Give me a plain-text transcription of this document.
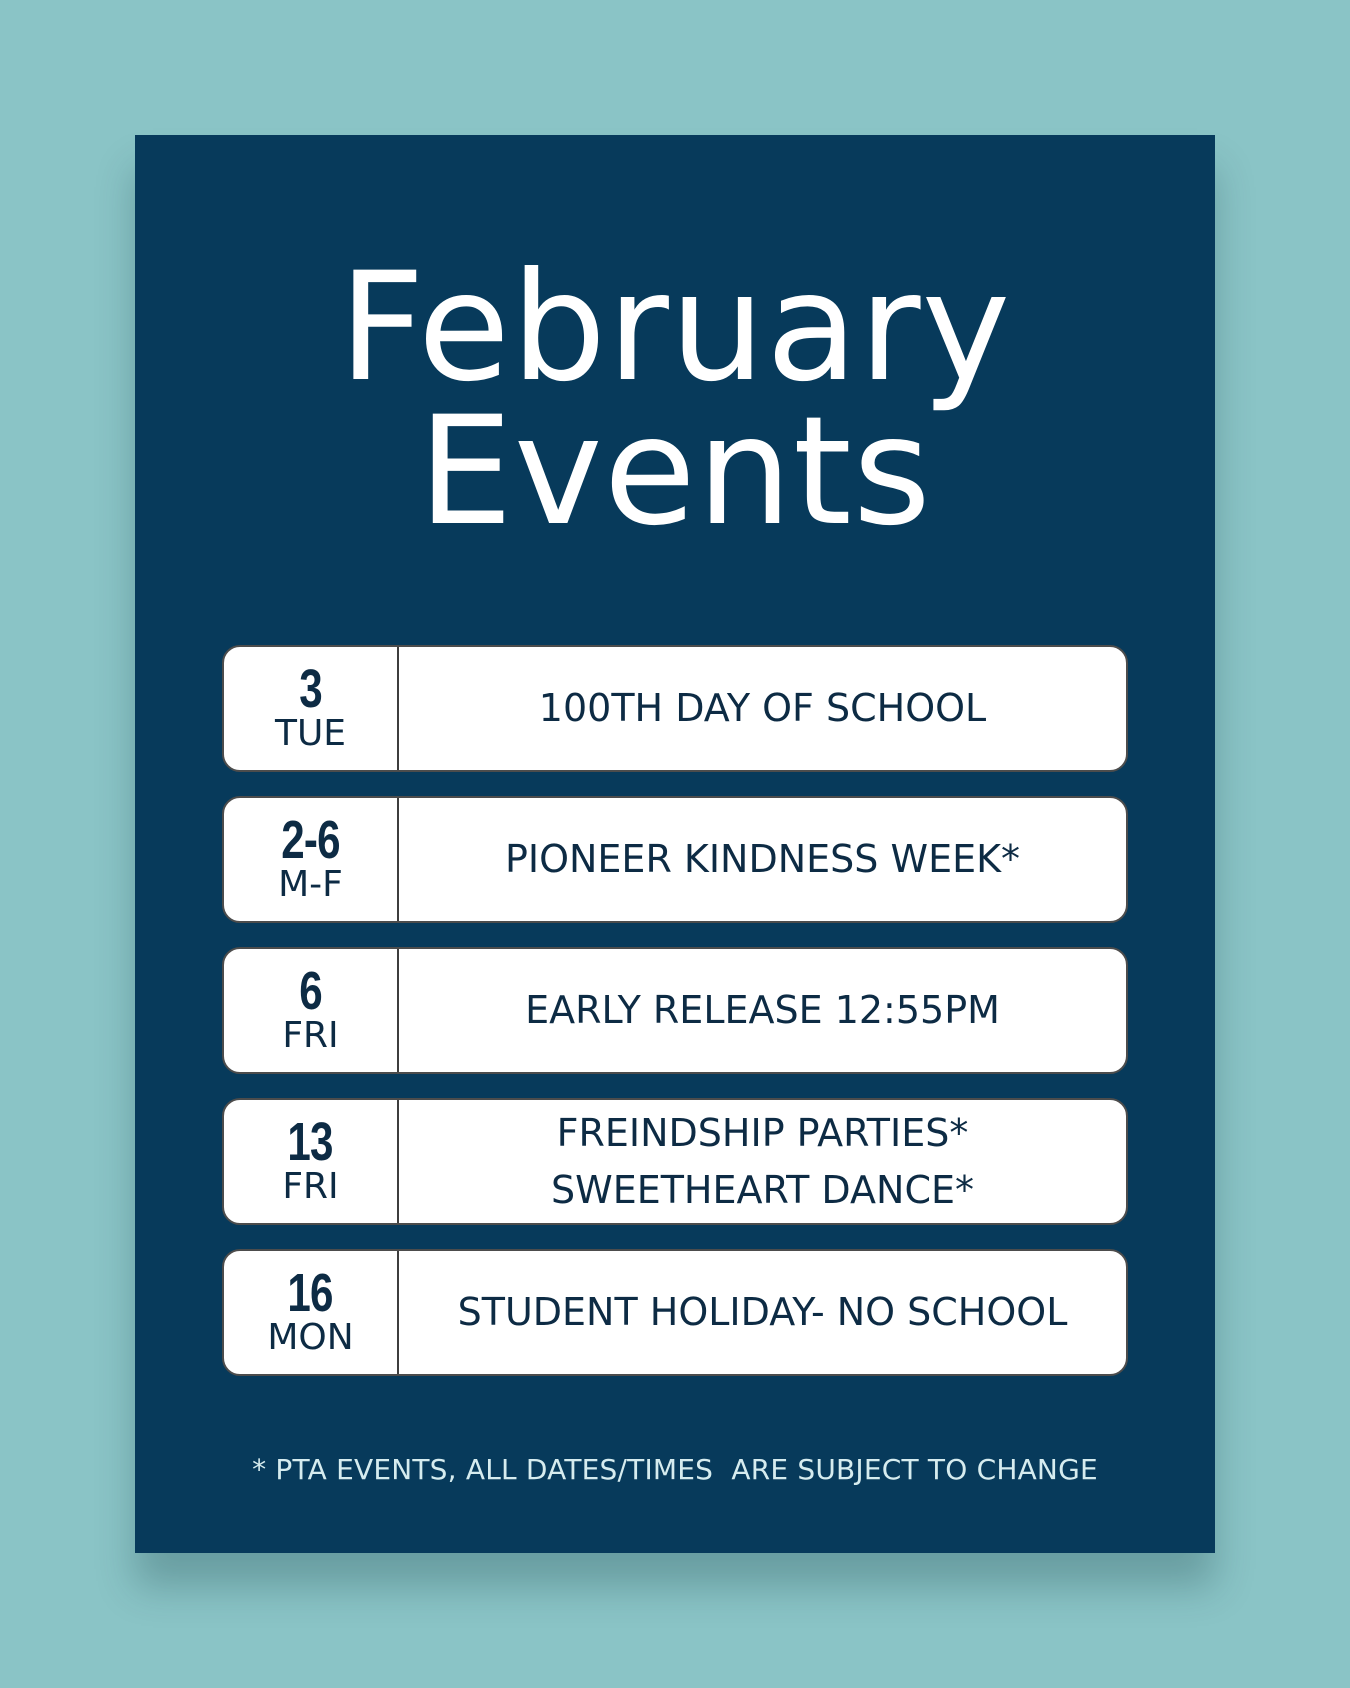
February
Events
3
TUE
100TH DAY OF SCHOOL
2-6
M-F
PIONEER KINDNESS WEEK*
6
FRI
EARLY RELEASE 12:55PM
13
FRI
FREINDSHIP PARTIES*
SWEETHEART DANCE*
16
MON
STUDENT HOLIDAY- NO SCHOOL
* PTA EVENTS, ALL DATES/TIMES  ARE SUBJECT TO CHANGE
